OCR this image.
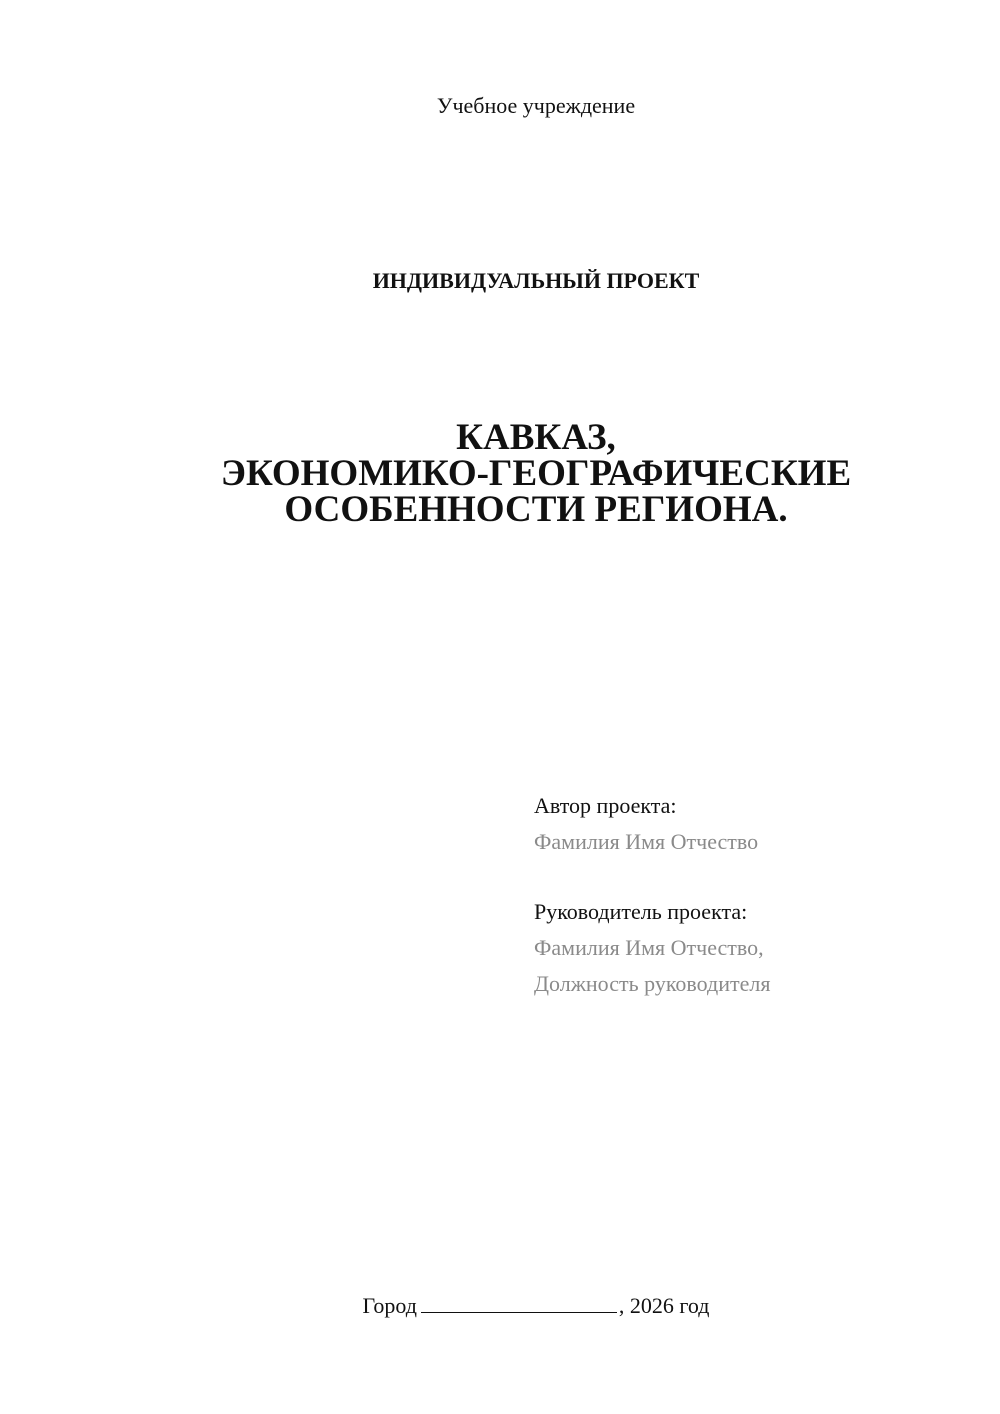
Учебное учреждение
ИНДИВИДУАЛЬНЫЙ ПРОЕКТ
КАВКАЗ,
ЭКОНОМИКО-ГЕОГРАФИЧЕСКИЕ
ОСОБЕННОСТИ РЕГИОНА.
Автор проекта:
Фамилия Имя Отчество
Руководитель проекта:
Фамилия Имя Отчество,
Должность руководителя
Город	, 2026 год
